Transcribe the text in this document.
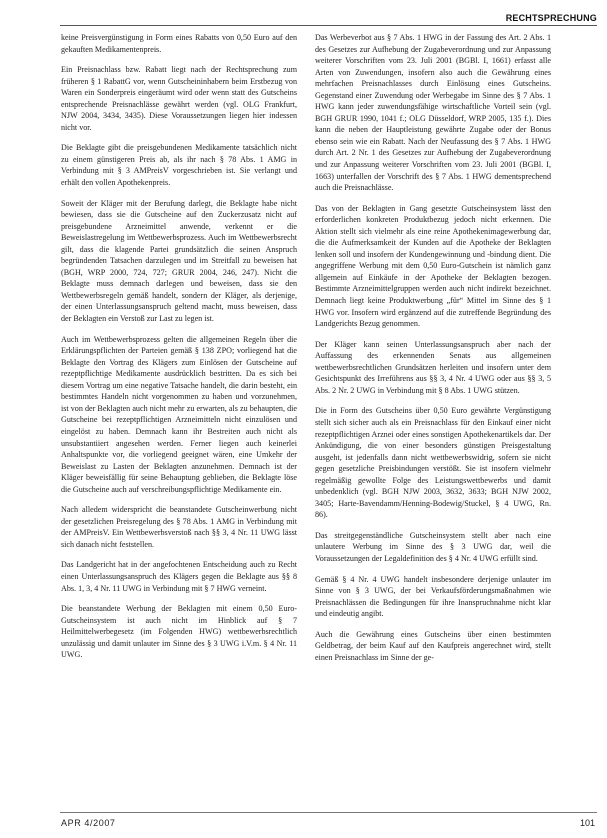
RECHTSPRECHUNG

keine Preisvergünstigung in Form eines Rabatts von 0,50 Euro auf den gekauften Medikamentenpreis.

Ein Preisnachlass bzw. Rabatt liegt nach der Rechtsprechung zum früheren § 1 RabattG vor, wenn Gutscheininhabern beim Erstbezug von Waren ein Sonderpreis eingeräumt wird oder wenn statt des Gutscheins entsprechende Preisnachlässe gewährt werden (vgl. OLG Frankfurt, NJW 2004, 3434, 3435). Diese Voraussetzungen liegen hier indessen nicht vor.

Die Beklagte gibt die preisgebundenen Medikamente tatsächlich nicht zu einem günstigeren Preis ab, als ihr nach § 78 Abs. 1 AMG in Verbindung mit § 3 AMPreisV vorgeschrieben ist. Sie verlangt und erhält den vollen Apothekenpreis.

Soweit der Kläger mit der Berufung darlegt, die Beklagte habe nicht bewiesen, dass sie die Gutscheine auf den Zuckerzusatz nicht auf preisgebundene Arzneimittel anwende, verkennt er die Beweislastregelung im Wettbewerbsprozess. Auch im Wettbewerbsrecht gilt, dass die klagende Partei grundsätzlich die seinen Anspruch begründenden Tatsachen darzulegen und im Streitfall zu beweisen hat (BGH, WRP 2000, 724, 727; GRUR 2004, 246, 247). Nicht die Beklagte muss demnach darlegen und beweisen, dass sie den Wettbewerbsregeln gemäß handelt, sondern der Kläger, als derjenige, der einen Unterlassungsanspruch geltend macht, muss beweisen, dass der Beklagten ein Verstoß zur Last zu legen ist.

Auch im Wettbewerbsprozess gelten die allgemeinen Regeln über die Erklärungspflichten der Parteien gemäß § 138 ZPO; vorliegend hat die Beklagte den Vortrag des Klägers zum Einlösen der Gutscheine auf rezeptpflichtige Medikamente ausdrücklich bestritten. Da es sich bei diesem Vortrag um eine negative Tatsache handelt, die darin besteht, ein bestimmtes Handeln nicht vorgenommen zu haben und vorzunehmen, ist von der Beklagten auch nicht mehr zu erwarten, als zu behaupten, die Gutscheine bei rezeptpflichtigen Arzneimitteln nicht einzulösen und eingelöst zu haben. Demnach kann ihr Bestreiten auch nicht als unsubstantiiert angesehen werden. Ferner liegen auch keinerlei Anhaltspunkte vor, die vorliegend geeignet wären, eine Umkehr der Beweislast zu Lasten der Beklagten anzunehmen. Demnach ist der Kläger beweisfällig für seine Behauptung geblieben, die Beklagte löse die Gutscheine auch auf verschreibungspflichtige Medikamente ein.

Nach alledem widerspricht die beanstandete Gutscheinwerbung nicht der gesetzlichen Preisregelung des § 78 Abs. 1 AMG in Verbindung mit der AMPreisV. Ein Wettbewerbsverstoß nach §§ 3, 4 Nr. 11 UWG lässt sich danach nicht feststellen.

Das Landgericht hat in der angefochtenen Entscheidung auch zu Recht einen Unterlassungsanspruch des Klägers gegen die Beklagte aus §§ 8 Abs. 1, 3, 4 Nr. 11 UWG in Verbindung mit § 7 HWG verneint.

Die beanstandete Werbung der Beklagten mit einem 0,50 Euro-Gutscheinsystem ist auch nicht im Hinblick auf § 7 Heilmittelwerbegesetz (im Folgenden HWG) wettbewerbsrechtlich unzulässig und damit unlauter im Sinne des § 3 UWG i.V.m. § 4 Nr. 11 UWG.

Das Werbeverbot aus § 7 Abs. 1 HWG in der Fassung des Art. 2 Abs. 1 des Gesetzes zur Aufhebung der Zugabeverordnung und zur Anpassung weiterer Vorschriften vom 23. Juli 2001 (BGBl. I, 1661) erfasst alle Arten von Zuwendungen, insofern also auch die Gewährung eines mehrfachen Preisnachlasses durch Einlösung eines Gutscheins. Gegenstand einer Zuwendung oder Werbegabe im Sinne des § 7 Abs. 1 HWG kann jeder zuwendungsfähige wirtschaftliche Vorteil sein (vgl. BGH GRUR 1990, 1041 f.; OLG Düsseldorf, WRP 2005, 135 f.). Dies kann die neben der Hauptleistung gewährte Zugabe oder der Bonus ebenso sein wie ein Rabatt. Nach der Neufassung des § 7 Abs. 1 HWG durch Art. 2 Nr. 1 des Gesetzes zur Aufhebung der Zugabeverordnung und zur Anpassung weiterer Vorschriften vom 23. Juli 2001 (BGBl. I, 1663) unterfallen der Vorschrift des § 7 Abs. 1 HWG dementsprechend auch die Preisnachlässe.

Das von der Beklagten in Gang gesetzte Gutscheinsystem lässt den erforderlichen konkreten Produktbezug jedoch nicht erkennen. Die Aktion stellt sich vielmehr als eine reine Apothekenimagewerbung dar, die die Aufmerksamkeit der Kunden auf die Apotheke der Beklagten lenken soll und insofern der Kundengewinnung und -bindung dient. Die angegriffene Werbung mit dem 0,50 Euro-Gutschein ist nämlich ganz allgemein auf Einkäufe in der Apotheke der Beklagten bezogen. Bestimmte Arzneimittelgruppen werden auch nicht indirekt bezeichnet. Demnach liegt keine Produktwerbung „für“ Mittel im Sinne des § 1 HWG vor. Insofern wird ergänzend auf die zutreffende Begründung des Landgerichts Bezug genommen.

Der Kläger kann seinen Unterlassungsanspruch aber nach der Auffassung des erkennenden Senats aus allgemeinen wettbewerbsrechtlichen Grundsätzen herleiten und insofern unter dem Gesichtspunkt des Irreführens aus §§ 3, 4 Nr. 4 UWG oder aus §§ 3, 5 Abs. 2 Nr. 2 UWG in Verbindung mit § 8 Abs. 1 UWG stützen.

Die in Form des Gutscheins über 0,50 Euro gewährte Vergünstigung stellt sich sicher auch als ein Preisnachlass für den Einkauf einer nicht rezeptpflichtigen Arznei oder eines sonstigen Apothekenartikels dar. Der Ankündigung, die von einer besonders günstigen Preisgestaltung ausgeht, ist jedenfalls dann nicht wettbewerbswidrig, sofern sie nicht gegen gesetzliche Preisbindungen verstößt. Sie ist insofern vielmehr regelmäßig gewollte Folge des Leistungswettbewerbs und damit unbedenklich (vgl. BGH NJW 2003, 3632, 3633; BGH NJW 2002, 3405; Harte-Bavendamm/Henning-Bodewig/Stuckel, § 4 UWG, Rn. 86).

Das streitgegenständliche Gutscheinsystem stellt aber nach eine unlautere Werbung im Sinne des § 3 UWG dar, weil die Voraussetzungen der Legaldefinition des § 4 Nr. 4 UWG erfüllt sind.

Gemäß § 4 Nr. 4 UWG handelt insbesondere derjenige unlauter im Sinne von § 3 UWG, der bei Verkaufsförderungsmaßnahmen wie Preisnachlässen die Bedingungen für ihre Inanspruchnahme nicht klar und eindeutig angibt.

Auch die Gewährung eines Gutscheins über einen bestimmten Geldbetrag, der beim Kauf auf den Kaufpreis angerechnet wird, stellt einen Preisnachlass im Sinne der ge-

APR 4/2007	101
